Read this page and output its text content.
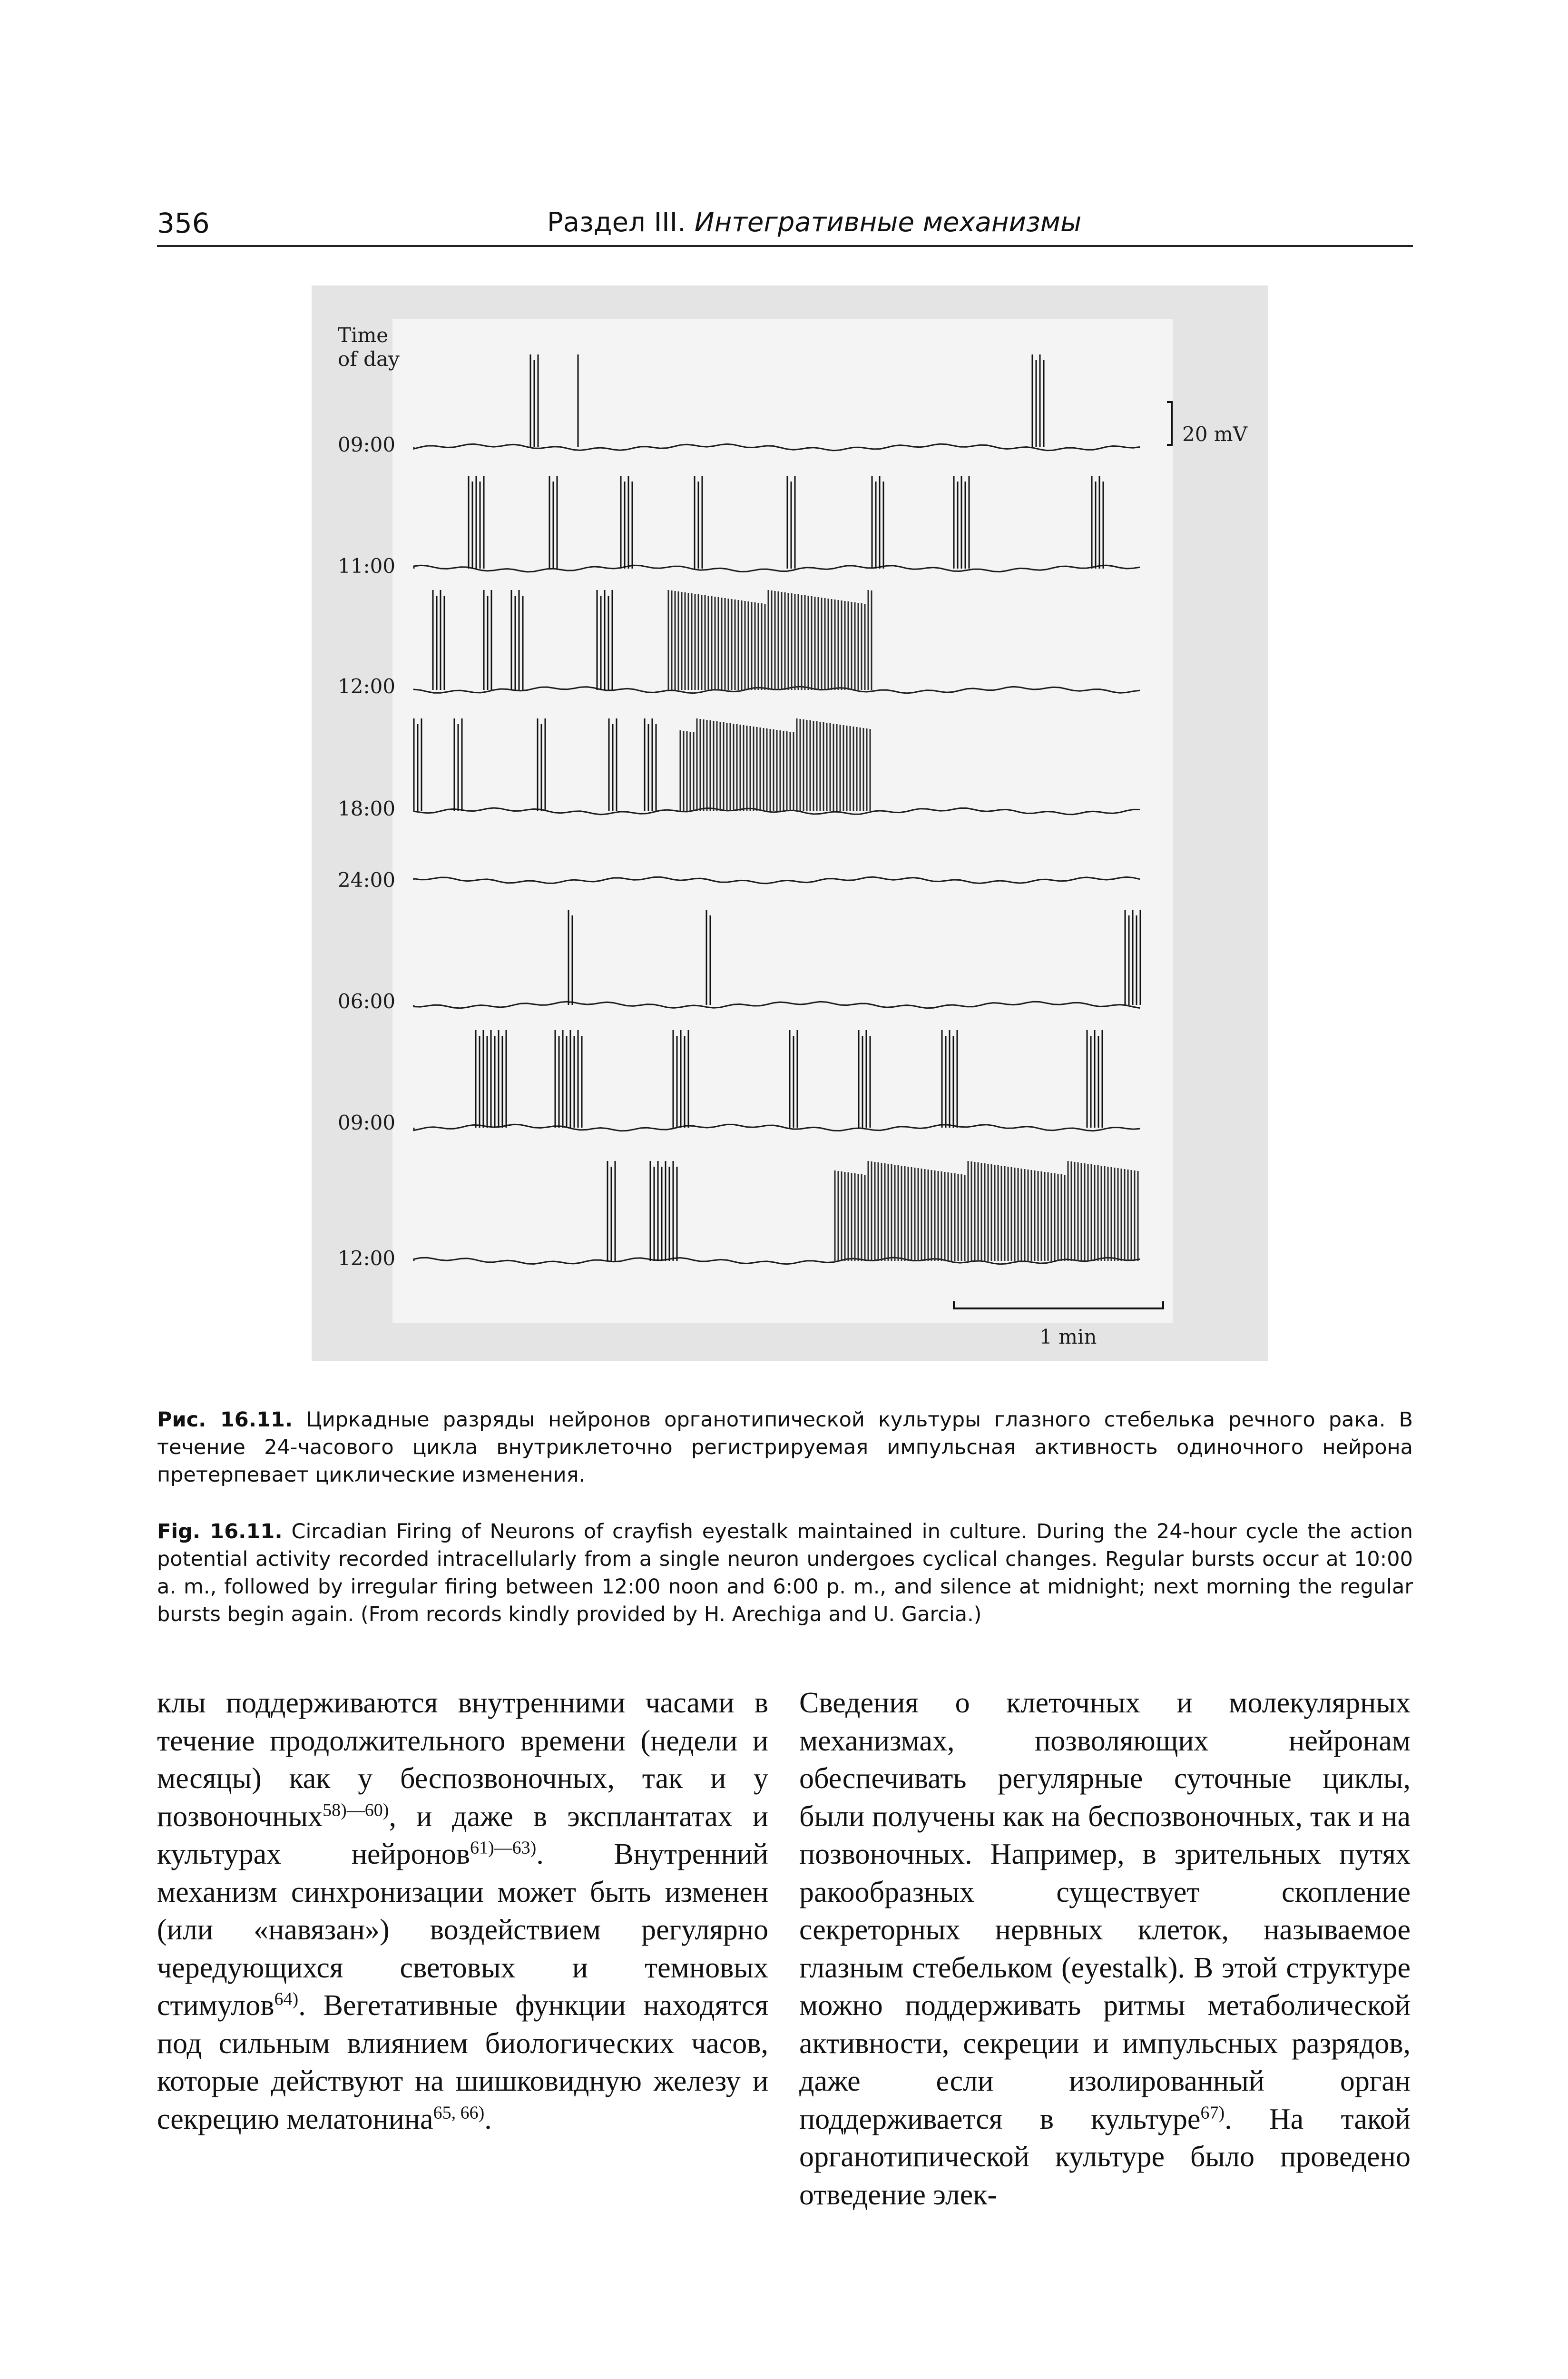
356	Раздел III. Интегративные механизмы
Time
of day
09:00
11:00
12:00
18:00
24:00
06:00
09:00
12:00
20 mV
1 min

Рис. 16.11. Циркадные разряды нейронов органотипической культуры глазного стебелька речного рака. В течение 24-часового цикла внутриклеточно регистрируемая импульсная активность одиночного нейрона претерпевает циклические изменения.

Fig. 16.11. Circadian Firing of Neurons of crayfish eyestalk maintained in culture. During the 24-hour cycle the action potential activity recorded intracellularly from a single neuron undergoes cyclical changes. Regular bursts occur at 10:00 a. m., followed by irregular firing between 12:00 noon and 6:00 p. m., and silence at midnight; next morning the regular bursts begin again. (From records kindly provided by H. Arechiga and U. Garcia.)

клы поддерживаются внутренними часами в течение продолжительного времени (недели и месяцы) как у беспозвоночных, так и у позвоночных$^{58)—60)}$, и даже в эксплантатах и культурах нейронов$^{61)—63)}$. Внутренний механизм синхронизации может быть изменен (или «навязан») воздействием регулярно чередующихся световых и темновых стимулов$^{64)}$. Вегетативные функции находятся под сильным влиянием биологических часов, которые действуют на шишковидную железу и секрецию мелатонина$^{65, 66)}$.

Сведения о клеточных и молекулярных механизмах, позволяющих нейронам обеспечивать регулярные суточные циклы, были получены как на беспозвоночных, так и на позвоночных. Например, в зрительных путях ракообразных существует скопление секреторных нервных клеток, называемое глазным стебельком (eyestalk). В этой структуре можно поддерживать ритмы метаболической активности, секреции и импульсных разрядов, даже если изолированный орган поддерживается в культуре$^{67)}$. На такой органотипической культуре было проведено отведение элек-
